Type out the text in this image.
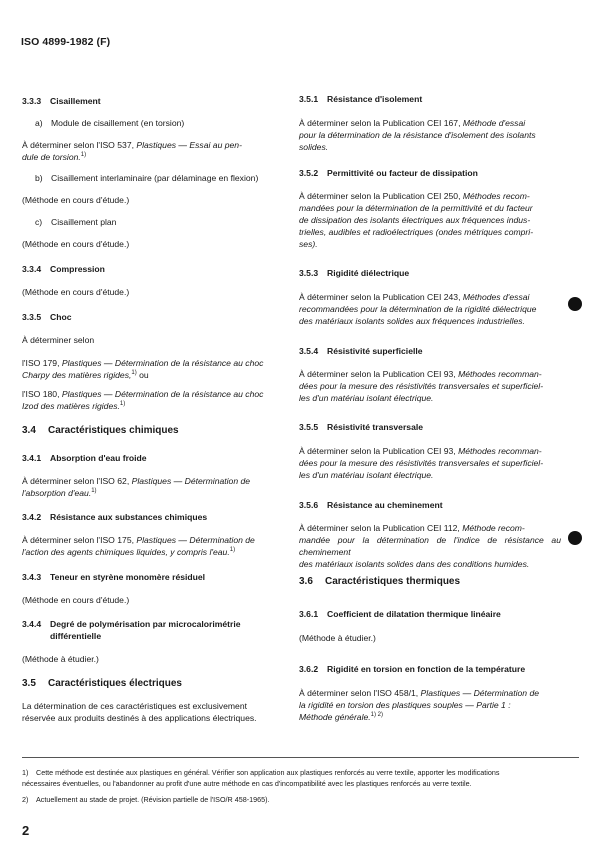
ISO 4899-1982 (F)
3.3.3 Cisaillement

a) Module de cisaillement (en torsion)

À déterminer selon l'ISO 537, Plastiques — Essai au pen-
dule de torsion.$^{1)}$

b) Cisaillement interlaminaire (par délaminage en flexion)

(Méthode en cours d'étude.)

c) Cisaillement plan

(Méthode en cours d'étude.)

3.3.4 Compression

(Méthode en cours d'étude.)

3.3.5 Choc

À déterminer selon

l'ISO 179, Plastiques — Détermination de la résistance au choc
Charpy des matières rigides,$^{1)}$ ou

l'ISO 180, Plastiques — Détermination de la résistance au choc
Izod des matières rigides.$^{1)}$

3.4 Caractéristiques chimiques
3.4.1 Absorption d'eau froide

À déterminer selon l'ISO 62, Plastiques — Détermination de
l'absorption d'eau.$^{1)}$

3.4.2 Résistance aux substances chimiques

À déterminer selon l'ISO 175, Plastiques — Détermination de
l'action des agents chimiques liquides, y compris l'eau.$^{1)}$

3.4.3 Teneur en styrène monomère résiduel

(Méthode en cours d'étude.)

3.4.4 Degré de polymérisation par microcalorimétrie
différentielle

(Méthode à étudier.)

3.5 Caractéristiques électriques

La détermination de ces caractéristiques est exclusivement
réservée aux produits destinés à des applications électriques.

3.5.1 Résistance d'isolement

À déterminer selon la Publication CEI 167, Méthode d'essai
pour la détermination de la résistance d'isolement des isolants
solides.

3.5.2 Permittivité ou facteur de dissipation

À déterminer selon la Publication CEI 250, Méthodes recom-
mandées pour la détermination de la permittivité et du facteur
de dissipation des isolants électriques aux fréquences indus-
trielles, audibles et radioélectriques (ondes métriques compri-
ses).

3.5.3 Rigidité diélectrique

À déterminer selon la Publication CEI 243, Méthodes d'essai
recommandées pour la détermination de la rigidité diélectrique
des matériaux isolants solides aux fréquences industrielles.

3.5.4 Résistivité superficielle

À déterminer selon la Publication CEI 93, Méthodes recomman-
dées pour la mesure des résistivités transversales et superficiel-
les d'un matériau isolant électrique.

3.5.5 Résistivité transversale

À déterminer selon la Publication CEI 93, Méthodes recomman-
dées pour la mesure des résistivités transversales et superficiel-
les d'un matériau isolant électrique.

3.5.6 Résistance au cheminement

À déterminer selon la Publication CEI 112, Méthode recom-
mandée pour la détermination de l'indice de résistance au cheminement
des matériaux isolants solides dans des conditions humides.

3.6 Caractéristiques thermiques
3.6.1 Coefficient de dilatation thermique linéaire

(Méthode à étudier.)

3.6.2 Rigidité en torsion en fonction de la température

À déterminer selon l'ISO 458/1, Plastiques — Détermination de
la rigidité en torsion des plastiques souples — Partie 1 :
Méthode générale.$^{1) 2)}$

1) Cette méthode est destinée aux plastiques en général. Vérifier son application aux plastiques renforcés au verre textile, apporter les modifications
nécessaires éventuelles, ou l'abandonner au profit d'une autre méthode en cas d'incompatibilité avec les plastiques renforcés au verre textile.
2) Actuellement au stade de projet. (Révision partielle de l'ISO/R 458-1965).
2
